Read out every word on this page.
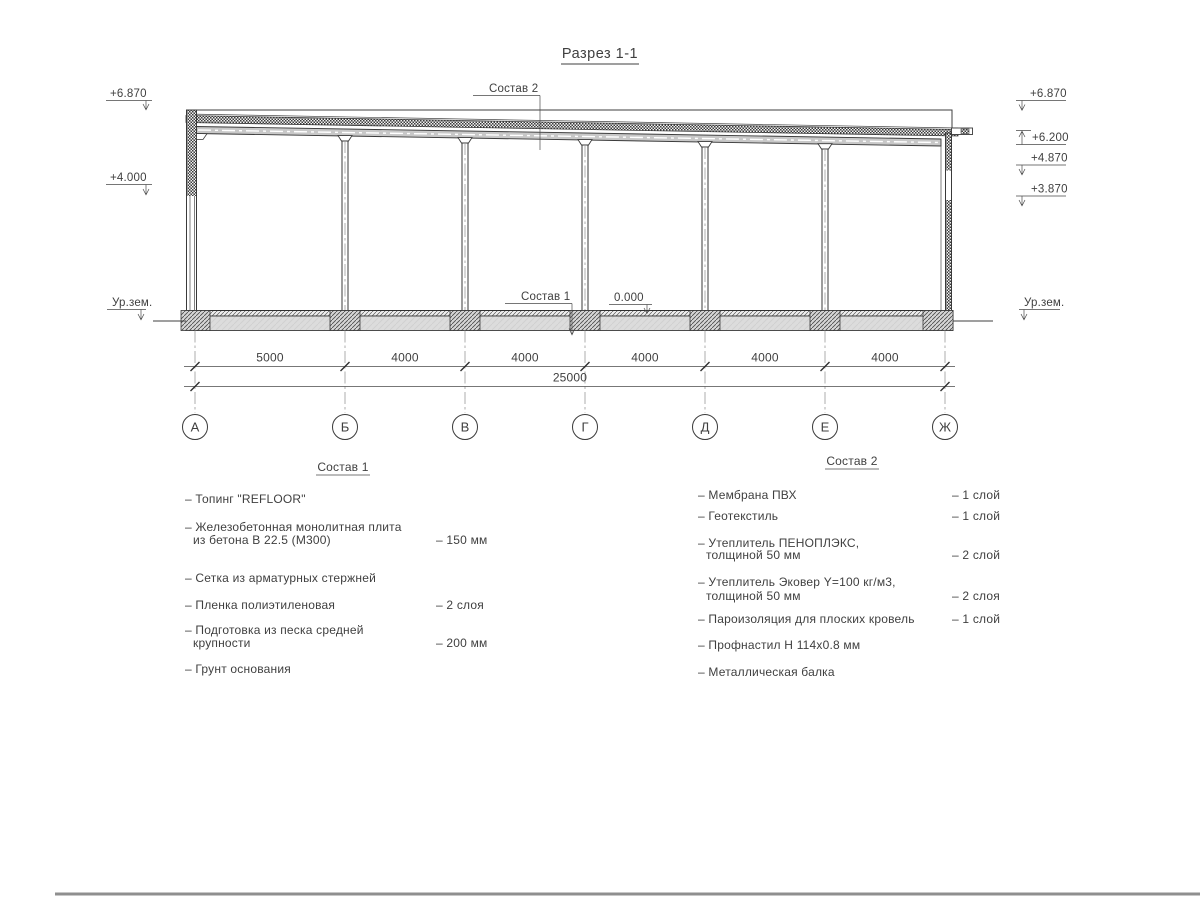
Разрез 1-1
5000	4000	4000	4000	4000	4000
25000
А	Б	В	Г	Д	Е	Ж
+6.870
+4.000
Ур.зем.
+6.870
+6.200
+4.870
+3.870
Ур.зем.
Состав 2
Состав 1	0.000
Состав 1
– Топинг "REFLOOR"
– Железобетонная монолитная плита
из бетона В 22.5 (М300)	– 150 мм
– Сетка из арматурных стержней
– Пленка полиэтиленовая	– 2 слоя
– Подготовка из песка средней
крупности	– 200 мм
– Грунт основания
Состав 2
– Мембрана ПВХ	– 1 слой
– Геотекстиль	– 1 слой
– Утеплитель ПЕНОПЛЭКС,
толщиной 50 мм	– 2 слой
– Утеплитель Эковер Y=100 кг/м3,
толщиной 50 мм	– 2 слоя
– Пароизоляция для плоских кровель	– 1 слой
– Профнастил Н 114х0.8 мм
– Металлическая балка
